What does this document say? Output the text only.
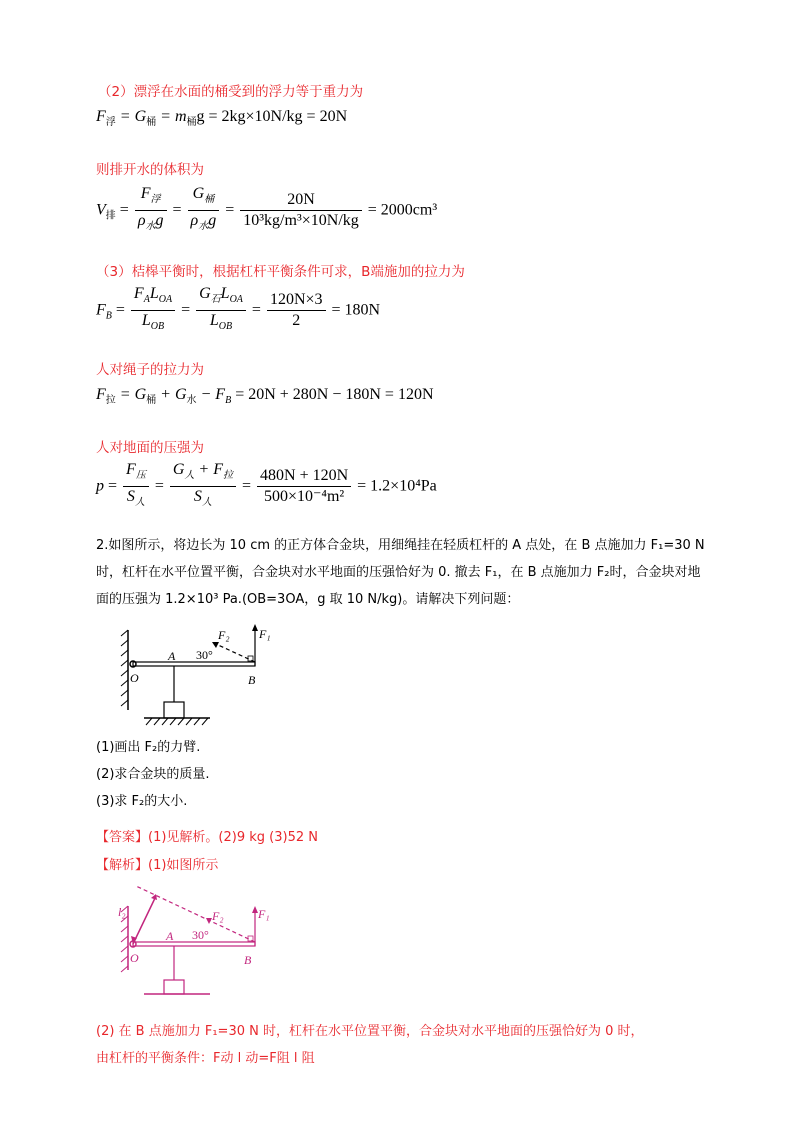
（2）漂浮在水面的桶受到的浮力等于重力为
$F_浮 = G_桶 = m_桶g = 2kg\times 10N/kg = 20N$
则排开水的体积为
$V_排 = \frac{F_浮}{\rho_水g} = \frac{G_桶}{\rho_水g} = \frac{20N}{\text{10³kg/m³×10N/kg}} = 2000cm^3$
（3）桔槔平衡时，根据杠杆平衡条件可求，B端施加的拉力为
$F_B = \frac{F_AL_{OA}}{L_{OB}} = \frac{G_石L_{OA}}{L_{OB}} = \frac{120N\times 3}{2} = 180N$
人对绳子的拉力为
$F_拉 = G_桶 + G_水 - F_B = 20N + 280N - 180N = 120N$
人对地面的压强为
$p = \frac{F_压}{S_人} = \frac{G_人 + F_拉}{S_人} = \frac{480N + 120N}{\text{500×10⁻⁴m²}} = 1.2\times 10^4Pa$
2.如图所示，将边长为 10 cm 的正方体合金块，用细绳挂在轻质杠杆的 A 点处，在 B 点施加力 F₁=30 N
时，杠杆在水平位置平衡，合金块对水平地面的压强恰好为 0. 撤去 F₁，在 B 点施加力 F₂时，合金块对地
面的压强为 1.2×10³ Pa.(OB=3OA，g 取 10 N/kg)。请解决下列问题：
F₂ F₁
A 30°
O	B
(1)画出 F₂的力臂.
(2)求合金块的质量.
(3)求 F₂的大小.
【答案】(1)见解析。(2)9 kg (3)52 N
【解析】(1)如图所示
l₂	F₂	F₁
A 30°
O	B
(2) 在 B 点施加力 F₁=30 N 时，杠杆在水平位置平衡，合金块对水平地面的压强恰好为 0 时，
由杠杆的平衡条件：F动 l 动=F阻 l 阻
